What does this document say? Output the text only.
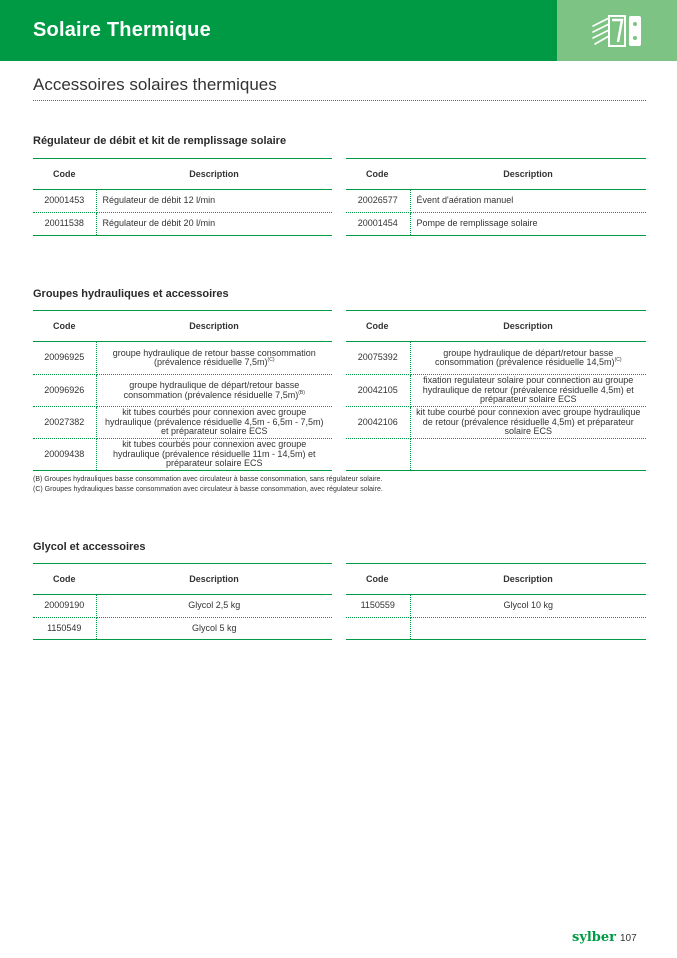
Solaire Thermique
Accessoires solaires thermiques
Régulateur de débit et kit de remplissage solaire
Code	Description
20001453	Régulateur de débit 12 l/min
20011538	Régulateur de débit 20 l/min
Code	Description
20026577	Évent d'aération manuel
20001454	Pompe de remplissage solaire
Groupes hydrauliques et accessoires
Code	Description
20096925	groupe hydraulique de retour basse consommation (prévalence résiduelle 7,5m)$^{(C)}$
20096926	groupe hydraulique de départ/retour basse consommation (prévalence résiduelle 7,5m)$^{(B)}$
20027382	kit tubes courbés pour connexion avec groupe hydraulique (prévalence résiduelle 4,5m - 6,5m - 7,5m) et préparateur solaire ECS
20009438	kit tubes courbés pour connexion avec groupe hydraulique (prévalence résiduelle 11m - 14,5m) et préparateur solaire ECS
Code	Description
20075392	groupe hydraulique de départ/retour basse consommation (prévalence résiduelle 14,5m)$^{(C)}$
20042105	fixation regulateur solaire pour connection au groupe hydraulique de retour (prévalence résiduelle 4,5m) et préparateur solaire ECS
20042106	kit tube courbé pour connexion avec groupe hydraulique de retour (prévalence résiduelle 4,5m) et préparateur solaire ECS

(B) Groupes hydrauliques basse consommation avec circulateur à basse consommation, sans régulateur solaire.
(C) Groupes hydrauliques basse consommation avec circulateur à basse consommation, avec régulateur solaire.
Glycol et accessoires
Code	Description
20009190	Glycol 2,5 kg
1150549	Glycol 5 kg
Code	Description
1150559	Glycol 10 kg

sylber 107
